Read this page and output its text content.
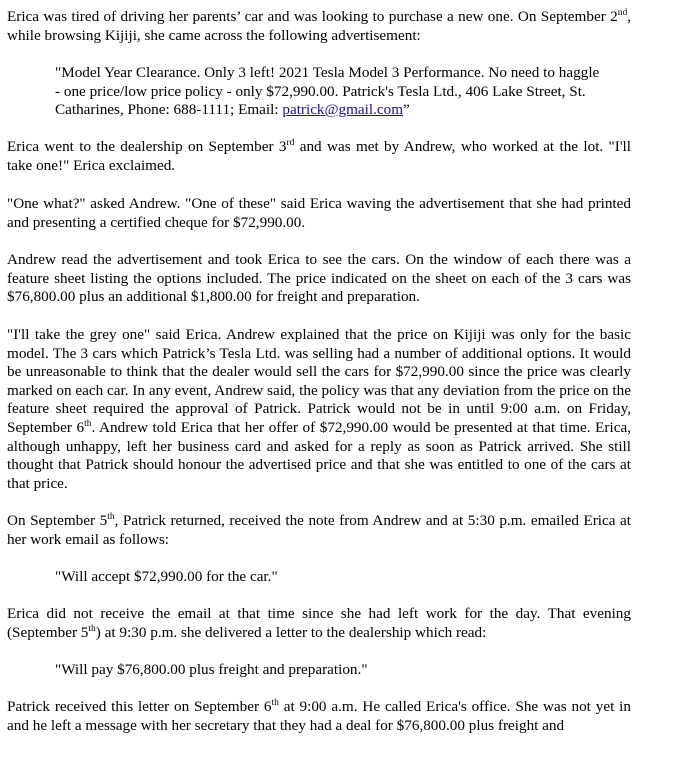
Erica was tired of driving her parents’ car and was looking to purchase a new one. On September 2nd, while browsing Kijiji, she came across the following advertisement:

"Model Year Clearance. Only 3 left! 2021 Tesla Model 3 Performance. No need to haggle - one price/low price policy - only $72,990.00. Patrick's Tesla Ltd., 406 Lake Street, St. Catharines, Phone: 688-1111; Email: patrick@gmail.com”

Erica went to the dealership on September 3rd and was met by Andrew, who worked at the lot. "I'll take one!" Erica exclaimed.

"One what?" asked Andrew. "One of these" said Erica waving the advertisement that she had printed and presenting a certified cheque for $72,990.00.

Andrew read the advertisement and took Erica to see the cars. On the window of each there was a feature sheet listing the options included. The price indicated on the sheet on each of the 3 cars was $76,800.00 plus an additional $1,800.00 for freight and preparation.

"I'll take the grey one" said Erica. Andrew explained that the price on Kijiji was only for the basic model. The 3 cars which Patrick’s Tesla Ltd. was selling had a number of additional options. It would be unreasonable to think that the dealer would sell the cars for $72,990.00 since the price was clearly marked on each car. In any event, Andrew said, the policy was that any deviation from the price on the feature sheet required the approval of Patrick. Patrick would not be in until 9:00 a.m. on Friday, September 6th. Andrew told Erica that her offer of $72,990.00 would be presented at that time. Erica, although unhappy, left her business card and asked for a reply as soon as Patrick arrived. She still thought that Patrick should honour the advertised price and that she was entitled to one of the cars at that price.

On September 5th, Patrick returned, received the note from Andrew and at 5:30 p.m. emailed Erica at her work email as follows:

"Will accept $72,990.00 for the car."

Erica did not receive the email at that time since she had left work for the day. That evening (September 5th) at 9:30 p.m. she delivered a letter to the dealership which read:

"Will pay $76,800.00 plus freight and preparation."

Patrick received this letter on September 6th at 9:00 a.m. He called Erica's office. She was not yet in and he left a message with her secretary that they had a deal for $76,800.00 plus freight and
